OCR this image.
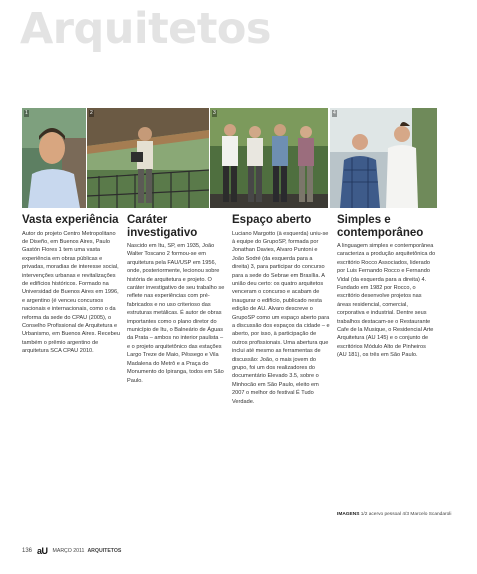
Arquitetos
1	2	3	4
Vasta experiência

Autor do projeto Centro Metropolitano de Diseño, em Buenos Aires, Paulo Gastón Flores 1 tem uma vasta experiência em obras públicas e privadas, moradias de interesse social, intervenções urbanas e revitalizações de edifícios históricos. Formado na Universidad de Buenos Aires em 1996, e argentino (é venceu concursos nacionais e internacionais, como o da reforma da sede do CPAU (2005), o Conselho Profissional de Arquitetura e Urbanismo, em Buenos Aires. Recebeu também o prêmio argentino de arquitetura SCA CPAU 2010.

Caráter investigativo

Nascido em Itu, SP, em 1935, João Walter Toscano 2 formou-se em arquitetura pela FAU/USP em 1956, onde, posteriormente, lecionou sobre história de arquitetura e projeto. O caráter investigativo de seu trabalho se reflete nas experiências com pré-fabricados e no uso criterioso das estruturas metálicas. É autor de obras importantes como o plano diretor do município de Itu, o Balneário de Águas da Prata – ambos no interior paulista – e o projeto arquitetônico das estações Largo Treze de Maio, Pêssego e Vila Madalena do Metrô e a Praça do Monumento do Ipiranga, todos em São Paulo.

Espaço aberto

Luciano Margotto (à esquerda) uniu-se à equipe do GrupoSP, formada por Jonathan Davies, Alvaro Puntoni e João Sodré (da esquerda para a direita) 3, para participar do concurso para a sede do Sebrae em Brasília. A união deu certo: os quatro arquitetos venceram o concurso e acabam de inaugurar o edifício, publicado nesta edição de AU. Alvaro descreve o GrupoSP como um espaço aberto para a discussão dos espaços da cidade – e aberto, por isso, à participação de outros profissionais. Uma abertura que inclui até mesmo as ferramentas de discussão: João, o mais jovem do grupo, foi um dos realizadores do documentário Elevado 3.5, sobre o Minhocão em São Paulo, eleito em 2007 o melhor do festival É Tudo Verdade.

Simples e contemporâneo

A linguagem simples e contemporânea caracteriza a produção arquitetônica do escritório Rocco Associados, liderado por Luis Fernando Rocco e Fernando Vidal (da esquerda para a direita) 4. Fundado em 1982 por Rocco, o escritório desenvolve projetos nas áreas residencial, comercial, corporativa e industrial. Dentre seus trabalhos destacam-se o Restaurante Cafe de la Musique, o Residencial Arte Arquitetura (AU 145) e o conjunto de escritórios Módulo Alto de Pinheiros (AU 181), os três em São Paulo.

IMAGENS 1/2 acervo pessoal 4/3 Marcelo Scandaroli
136 aU MARÇO 2011 ARQUITETOS
